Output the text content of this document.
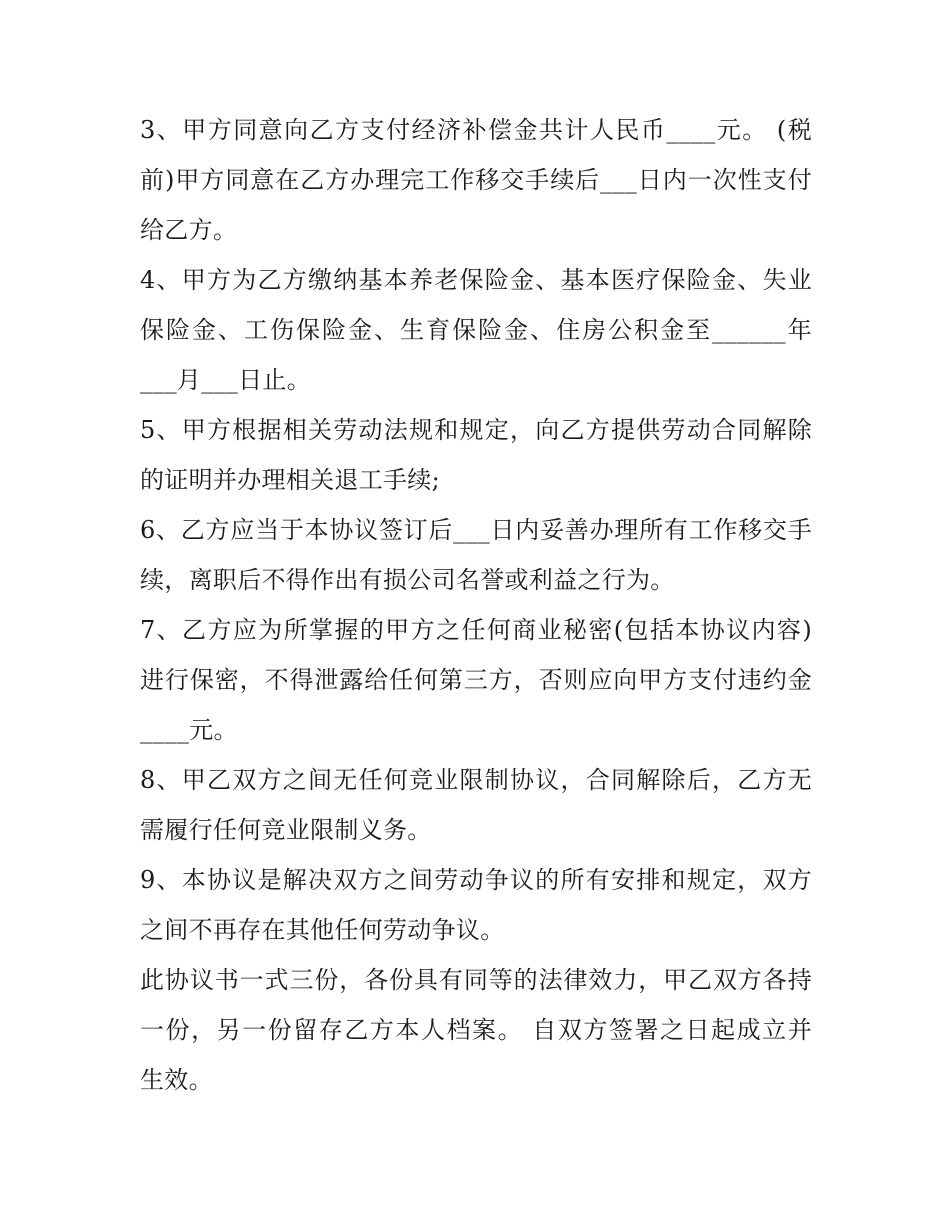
3、甲方同意向乙方支付经济补偿金共计人民币____元。 (税
前)甲方同意在乙方办理完工作移交手续后___日内一次性支付
给乙方。
4、甲方为乙方缴纳基本养老保险金、基本医疗保险金、失业
保险金、工伤保险金、生育保险金、住房公积金至______年
___月___日止。
5、甲方根据相关劳动法规和规定，向乙方提供劳动合同解除
的证明并办理相关退工手续;
6、乙方应当于本协议签订后___日内妥善办理所有工作移交手
续，离职后不得作出有损公司名誉或利益之行为。
7、乙方应为所掌握的甲方之任何商业秘密(包括本协议内容)
进行保密，不得泄露给任何第三方，否则应向甲方支付违约金
____元。
8、甲乙双方之间无任何竞业限制协议，合同解除后，乙方无
需履行任何竞业限制义务。
9、本协议是解决双方之间劳动争议的所有安排和规定，双方
之间不再存在其他任何劳动争议。
此协议书一式三份，各份具有同等的法律效力，甲乙双方各持
一份，另一份留存乙方本人档案。 自双方签署之日起成立并
生效。
